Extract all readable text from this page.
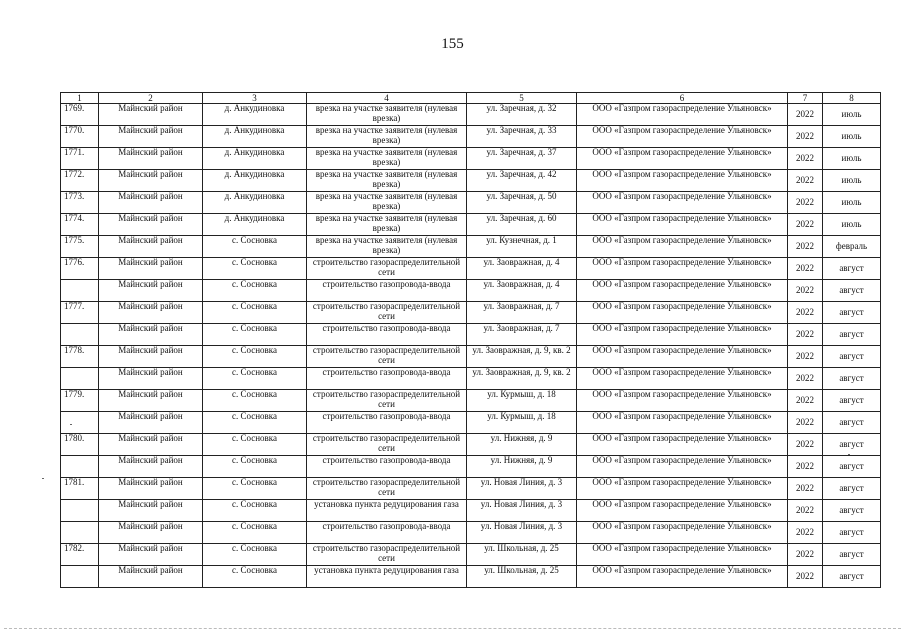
155
1	2	3	4	5	6	7	8
1769.	Майнский район	д. Анкудиновка	врезка на участке заявителя (нулевая врезка)	ул. Заречная, д. 32	ООО «Газпром газораспределение Ульяновск»	2022	июль
1770.	Майнский район	д. Анкудиновка	врезка на участке заявителя (нулевая врезка)	ул. Заречная, д. 33	ООО «Газпром газораспределение Ульяновск»	2022	июль
1771.	Майнский район	д. Анкудиновка	врезка на участке заявителя (нулевая врезка)	ул. Заречная, д. 37	ООО «Газпром газораспределение Ульяновск»	2022	июль
1772.	Майнский район	д. Анкудиновка	врезка на участке заявителя (нулевая врезка)	ул. Заречная, д. 42	ООО «Газпром газораспределение Ульяновск»	2022	июль
1773.	Майнский район	д. Анкудиновка	врезка на участке заявителя (нулевая врезка)	ул. Заречная, д. 50	ООО «Газпром газораспределение Ульяновск»	2022	июль
1774.	Майнский район	д. Анкудиновка	врезка на участке заявителя (нулевая врезка)	ул. Заречная, д. 60	ООО «Газпром газораспределение Ульяновск»	2022	июль
1775.	Майнский район	с. Сосновка	врезка на участке заявителя (нулевая врезка)	ул. Кузнечная, д. 1	ООО «Газпром газораспределение Ульяновск»	2022	февраль
1776.	Майнский район	с. Сосновка	строительство газораспределительной сети	ул. Заовражная, д. 4	ООО «Газпром газораспределение Ульяновск»	2022	август
	Майнский район	с. Сосновка	строительство газопровода-ввода	ул. Заовражная, д. 4	ООО «Газпром газораспределение Ульяновск»	2022	август
1777.	Майнский район	с. Сосновка	строительство газораспределительной сети	ул. Заовражная, д. 7	ООО «Газпром газораспределение Ульяновск»	2022	август
	Майнский район	с. Сосновка	строительство газопровода-ввода	ул. Заовражная, д. 7	ООО «Газпром газораспределение Ульяновск»	2022	август
1778.	Майнский район	с. Сосновка	строительство газораспределительной сети	ул. Заовражная, д. 9, кв. 2	ООО «Газпром газораспределение Ульяновск»	2022	август
	Майнский район	с. Сосновка	строительство газопровода-ввода	ул. Заовражная, д. 9, кв. 2	ООО «Газпром газораспределение Ульяновск»	2022	август
1779.	Майнский район	с. Сосновка	строительство газораспределительной сети	ул. Курмыш, д. 18	ООО «Газпром газораспределение Ульяновск»	2022	август
	Майнский район	с. Сосновка	строительство газопровода-ввода	ул. Курмыш, д. 18	ООО «Газпром газораспределение Ульяновск»	2022	август
1780.	Майнский район	с. Сосновка	строительство газораспределительной сети	ул. Нижняя, д. 9	ООО «Газпром газораспределение Ульяновск»	2022	август
	Майнский район	с. Сосновка	строительство газопровода-ввода	ул. Нижняя, д. 9	ООО «Газпром газораспределение Ульяновск»	2022	август
1781.	Майнский район	с. Сосновка	строительство газораспределительной сети	ул. Новая Линия, д. 3	ООО «Газпром газораспределение Ульяновск»	2022	август
	Майнский район	с. Сосновка	установка пункта редуцирования газа	ул. Новая Линия, д. 3	ООО «Газпром газораспределение Ульяновск»	2022	август
	Майнский район	с. Сосновка	строительство газопровода-ввода	ул. Новая Линия, д. 3	ООО «Газпром газораспределение Ульяновск»	2022	август
1782.	Майнский район	с. Сосновка	строительство газораспределительной сети	ул. Школьная, д. 25	ООО «Газпром газораспределение Ульяновск»	2022	август
	Майнский район	с. Сосновка	установка пункта редуцирования газа	ул. Школьная, д. 25	ООО «Газпром газораспределение Ульяновск»	2022	август
